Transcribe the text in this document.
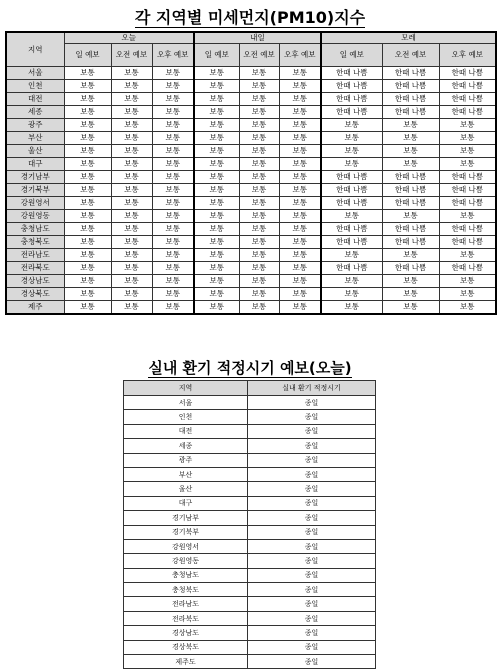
각 지역별 미세먼지(PM10)지수
지역	오늘			내일			모레		
	일 예보	오전 예보	오후 예보	일 예보	오전 예보	오후 예보	일 예보	오전 예보	오후 예보
서울	보통	보통	보통	보통	보통	보통	한때 나쁨	한때 나쁨	한때 나쁨
인천	보통	보통	보통	보통	보통	보통	한때 나쁨	한때 나쁨	한때 나쁨
대전	보통	보통	보통	보통	보통	보통	한때 나쁨	한때 나쁨	한때 나쁨
세종	보통	보통	보통	보통	보통	보통	한때 나쁨	한때 나쁨	한때 나쁨
광주	보통	보통	보통	보통	보통	보통	보통	보통	보통
부산	보통	보통	보통	보통	보통	보통	보통	보통	보통
울산	보통	보통	보통	보통	보통	보통	보통	보통	보통
대구	보통	보통	보통	보통	보통	보통	보통	보통	보통
경기남부	보통	보통	보통	보통	보통	보통	한때 나쁨	한때 나쁨	한때 나쁨
경기북부	보통	보통	보통	보통	보통	보통	한때 나쁨	한때 나쁨	한때 나쁨
강원영서	보통	보통	보통	보통	보통	보통	한때 나쁨	한때 나쁨	한때 나쁨
강원영동	보통	보통	보통	보통	보통	보통	보통	보통	보통
충청남도	보통	보통	보통	보통	보통	보통	한때 나쁨	한때 나쁨	한때 나쁨
충청북도	보통	보통	보통	보통	보통	보통	한때 나쁨	한때 나쁨	한때 나쁨
전라남도	보통	보통	보통	보통	보통	보통	보통	보통	보통
전라북도	보통	보통	보통	보통	보통	보통	한때 나쁨	한때 나쁨	한때 나쁨
경상남도	보통	보통	보통	보통	보통	보통	보통	보통	보통
경상북도	보통	보통	보통	보통	보통	보통	보통	보통	보통
제주	보통	보통	보통	보통	보통	보통	보통	보통	보통
실내 환기 적정시기 예보(오늘)
지역	실내 환기 적정시기
서울	종일
인천	종일
대전	종일
세종	종일
광주	종일
부산	종일
울산	종일
대구	종일
경기남부	종일
경기북부	종일
강원영서	종일
강원영동	종일
충청남도	종일
충청북도	종일
전라남도	종일
전라북도	종일
경상남도	종일
경상북도	종일
제주도	종일
